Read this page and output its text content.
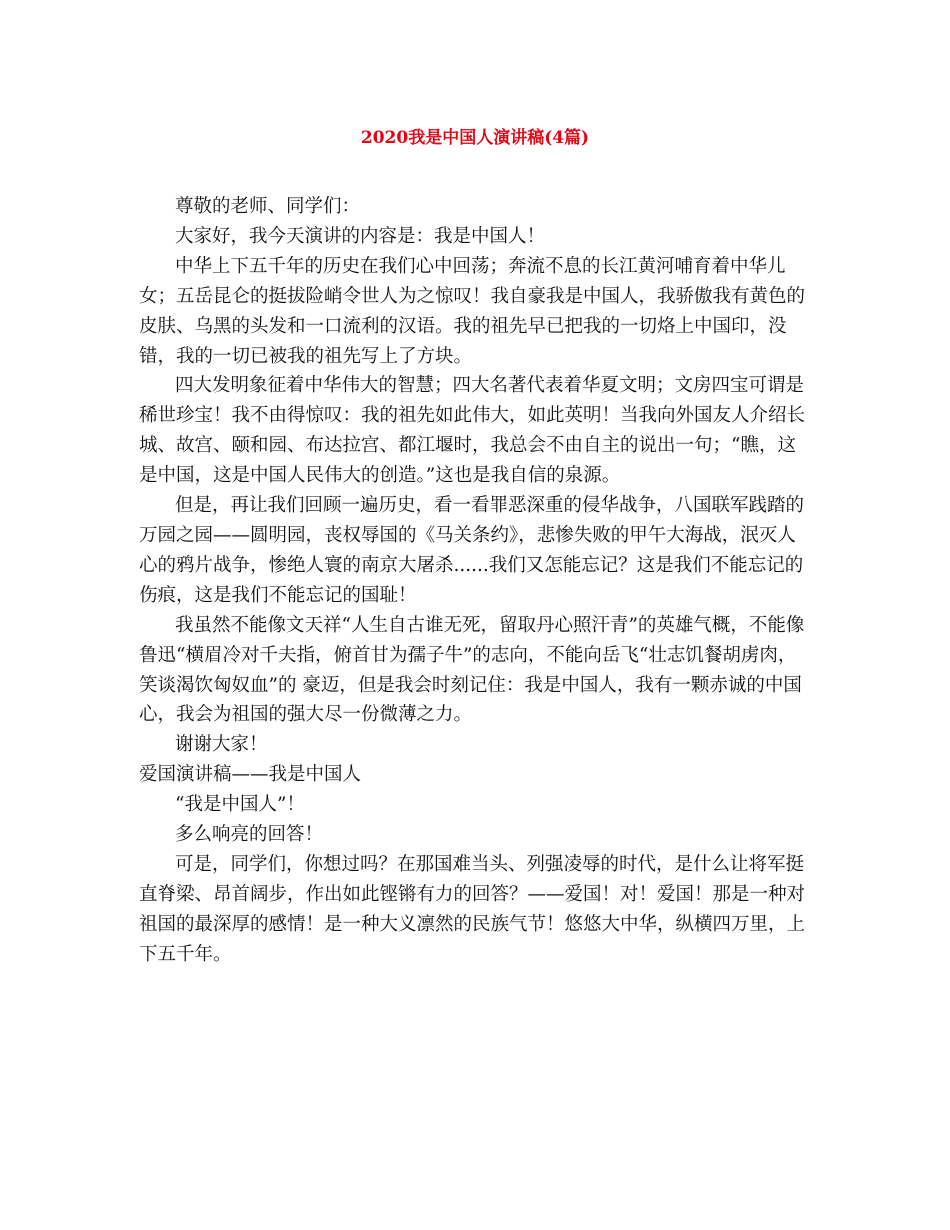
2020我是中国人演讲稿(4篇)

尊敬的老师、同学们：

大家好，我今天演讲的内容是：我是中国人！

中华上下五千年的历史在我们心中回荡；奔流不息的长江黄河哺育着中华儿女；五岳昆仑的挺拔险峭令世人为之惊叹！我自豪我是中国人，我骄傲我有黄色的皮肤、乌黑的头发和一口流利的汉语。我的祖先早已把我的一切烙上中国印，没错，我的一切已被我的祖先写上了方块。

四大发明象征着中华伟大的智慧；四大名著代表着华夏文明；文房四宝可谓是稀世珍宝！我不由得惊叹：我的祖先如此伟大，如此英明！当我向外国友人介绍长城、故宫、颐和园、布达拉宫、都江堰时，我总会不由自主的说出一句；“瞧，这是中国，这是中国人民伟大的创造。”这也是我自信的泉源。

但是，再让我们回顾一遍历史，看一看罪恶深重的侵华战争，八国联军践踏的万园之园——圆明园，丧权辱国的《马关条约》，悲惨失败的甲午大海战，泯灭人心的鸦片战争，惨绝人寰的南京大屠杀......我们又怎能忘记？这是我们不能忘记的伤痕，这是我们不能忘记的国耻！

我虽然不能像文天祥“人生自古谁无死，留取丹心照汗青”的英雄气概，不能像鲁迅“横眉冷对千夫指，俯首甘为孺子牛”的志向，不能向岳飞“壮志饥餐胡虏肉，笑谈渴饮匈奴血”的 豪迈，但是我会时刻记住：我是中国人，我有一颗赤诚的中国心，我会为祖国的强大尽一份微薄之力。

谢谢大家！

爱国演讲稿——我是中国人

“我是中国人”！

多么响亮的回答！

可是，同学们，你想过吗？在那国难当头、列强凌辱的时代，是什么让将军挺直脊梁、昂首阔步，作出如此铿锵有力的回答？——爱国！对！爱国！那是一种对祖国的最深厚的感情！是一种大义凛然的民族气节！悠悠大中华，纵横四万里，上下五千年。
